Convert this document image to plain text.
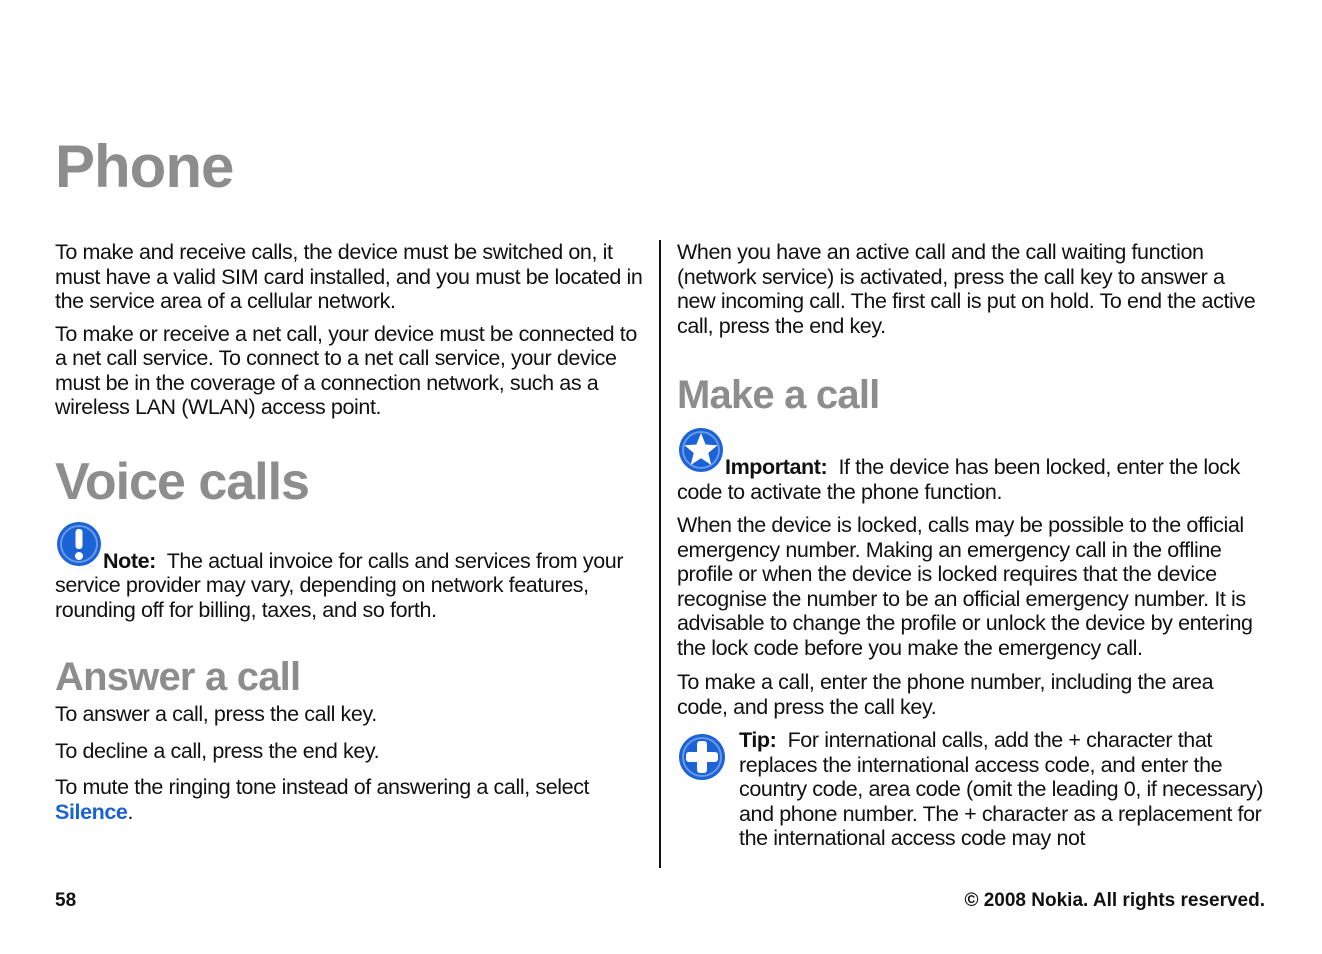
Phone

To make and receive calls, the device must be switched on, it must have a valid SIM card installed, and you must be located in the service area of a cellular network.

To make or receive a net call, your device must be connected to a net call service. To connect to a net call service, your device must be in the coverage of a connection network, such as a wireless LAN (WLAN) access point.

Voice calls

Note: The actual invoice for calls and services from your service provider may vary, depending on network features, rounding off for billing, taxes, and so forth.

Answer a call

To answer a call, press the call key.

To decline a call, press the end key.

To mute the ringing tone instead of answering a call, select Silence.

When you have an active call and the call waiting function (network service) is activated, press the call key to answer a new incoming call. The first call is put on hold. To end the active call, press the end key.

Make a call

Important: If the device has been locked, enter the lock code to activate the phone function.

When the device is locked, calls may be possible to the official emergency number. Making an emergency call in the offline profile or when the device is locked requires that the device recognise the number to be an official emergency number. It is advisable to change the profile or unlock the device by entering the lock code before you make the emergency call.

To make a call, enter the phone number, including the area code, and press the call key.

Tip: For international calls, add the + character that replaces the international access code, and enter the country code, area code (omit the leading 0, if necessary) and phone number. The + character as a replacement for the international access code may not

58	© 2008 Nokia. All rights reserved.
